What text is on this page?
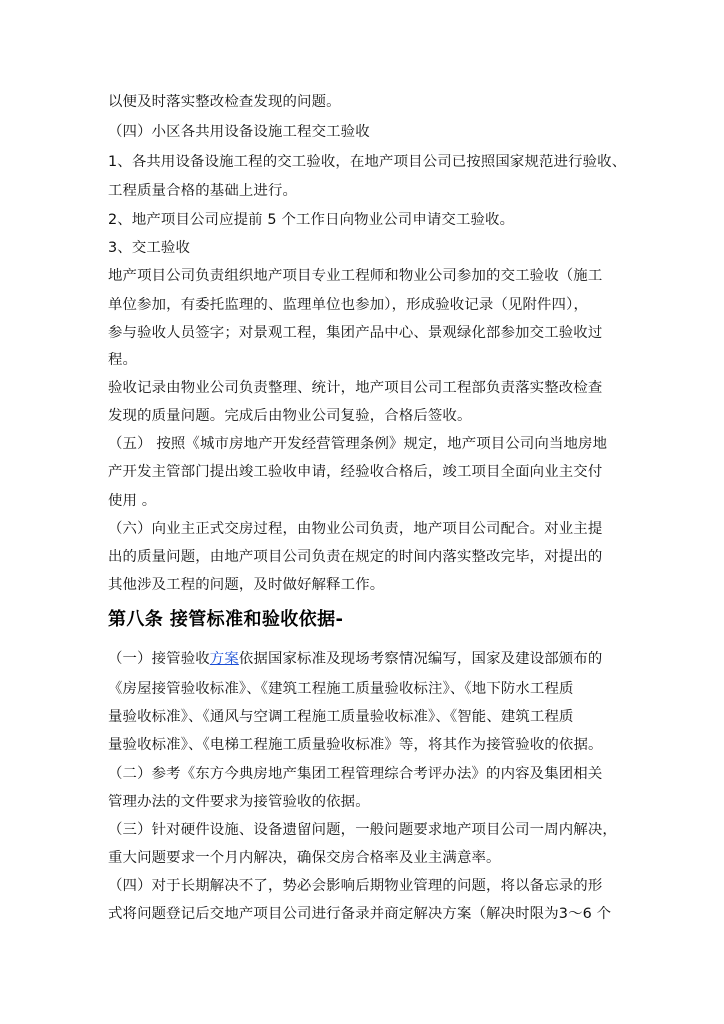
以便及时落实整改检查发现的问题。
（四）小区各共用设备设施工程交工验收
1、各共用设备设施工程的交工验收，在地产项目公司已按照国家规范进行验收、
工程质量合格的基础上进行。
2、地产项目公司应提前 5 个工作日向物业公司申请交工验收。
3、交工验收
地产项目公司负责组织地产项目专业工程师和物业公司参加的交工验收（施工
单位参加，有委托监理的、监理单位也参加），形成验收记录（见附件四），
参与验收人员签字；对景观工程，集团产品中心、景观绿化部参加交工验收过
程。
验收记录由物业公司负责整理、统计，地产项目公司工程部负责落实整改检查
发现的质量问题。完成后由物业公司复验，合格后签收。
（五） 按照《城市房地产开发经营管理条例》规定，地产项目公司向当地房地
产开发主管部门提出竣工验收申请，经验收合格后，竣工项目全面向业主交付
使用 。
（六）向业主正式交房过程，由物业公司负责，地产项目公司配合。对业主提
出的质量问题，由地产项目公司负责在规定的时间内落实整改完毕，对提出的
其他涉及工程的问题，及时做好解释工作。
第八条 接管标准和验收依据-
（一）接管验收方案依据国家标准及现场考察情况编写，国家及建设部颁布的
《房屋接管验收标准》、《建筑工程施工质量验收标注》、《地下防水工程质
量验收标准》、《通风与空调工程施工质量验收标准》、《智能、建筑工程质
量验收标准》、《电梯工程施工质量验收标准》等，将其作为接管验收的依据。
（二）参考《东方今典房地产集团工程管理综合考评办法》的内容及集团相关
管理办法的文件要求为接管验收的依据。
（三）针对硬件设施、设备遗留问题，一般问题要求地产项目公司一周内解决，
重大问题要求一个月内解决，确保交房合格率及业主满意率。
（四）对于长期解决不了，势必会影响后期物业管理的问题，将以备忘录的形
式将问题登记后交地产项目公司进行备录并商定解决方案（解决时限为3～6 个
